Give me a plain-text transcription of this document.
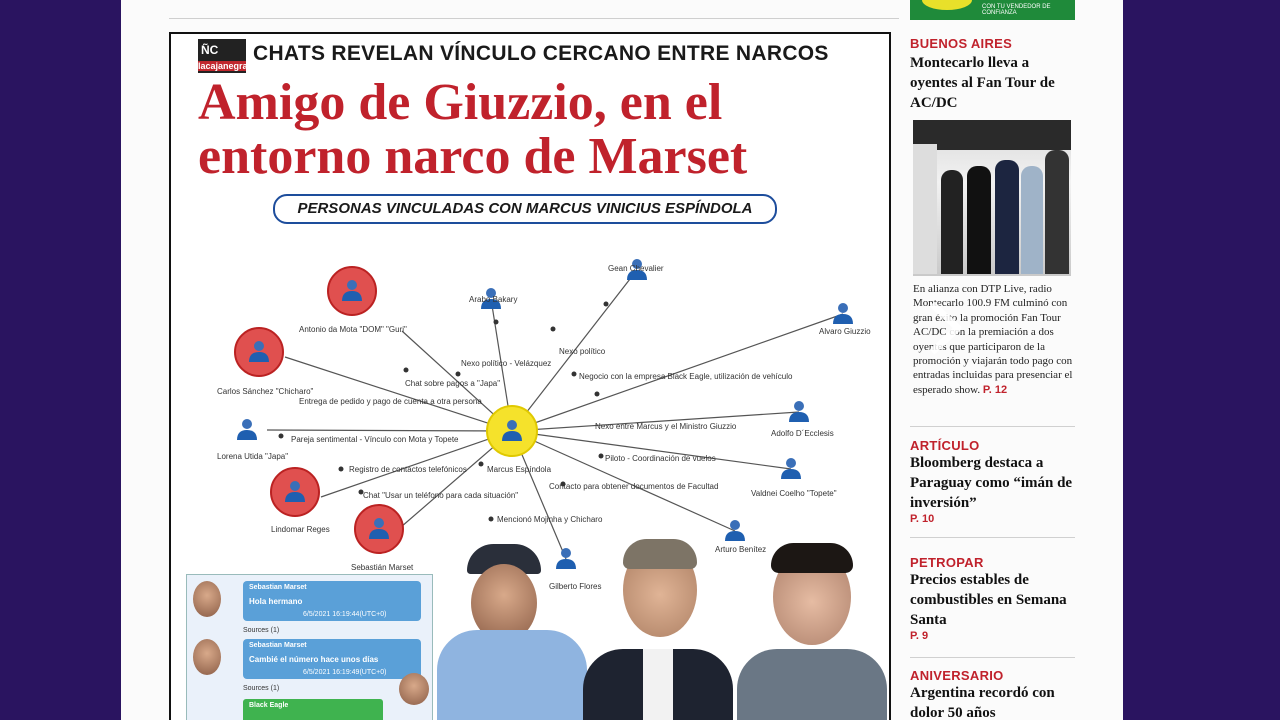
CON TU VENDEDOR DE CONFIANZA
ÑC
lacajanegra
CHATS REVELAN VÍNCULO CERCANO ENTRE NARCOS
Amigo de Giuzzio, en el
entorno narco de Marset
PERSONAS VINCULADAS CON MARCUS VINICIUS ESPÍNDOLA
Gean Chevalier
Arabo Bakary
Alvaro Giuzzio
Antonio da Mota "DOM" "Guri"
Carlos Sánchez "Chicharo"
Lorena Utida "Japa"
Adolfo D´Ecclesis
Valdnei Coelho "Topete"
Lindomar Reges
Sebastián Marset
Arturo Benítez
Gilberto Flores
Marcus Espíndola
Nexo político
Nexo político - Velázquez
Chat sobre pagos a "Japa"
Negocio con la empresa Black Eagle, utilización de vehículo
Entrega de pedido y pago de cuenta a otra persona
Nexo entre Marcus y el Ministro Giuzzio
Pareja sentimental - Vínculo con Mota y Topete
Piloto - Coordinación de vuelos
Registro de contactos telefónicos
Contacto para obtener documentos de Facultad
Chat "Usar un teléfono para cada situación"
Mencionó Mojinha y Chicharo
Sebastian Marset
Hola hermano
6/5/2021 16:19:44(UTC+0)
Sources (1)
Sebastian Marset
Cambié el número hace unos días
6/5/2021 16:19:49(UTC+0)
Sources (1)
Black Eagle
BUENOS AIRES
Montecarlo lleva a oyentes al Fan Tour de AC/DC
En alianza con DTP Live, radio Montecarlo 100.9 FM culminó con gran éxito la promoción Fan Tour AC/DC con la premiación a dos oyentes que participaron de la promoción y viajarán todo pago con entradas incluidas para presenciar el esperado show. P. 12
ARTÍCULO
Bloomberg destaca a Paraguay como “imán de inversión”
P. 10
PETROPAR
Precios estables de combustibles en Semana Santa
P. 9
ANIVERSARIO
Argentina recordó con dolor 50 años
